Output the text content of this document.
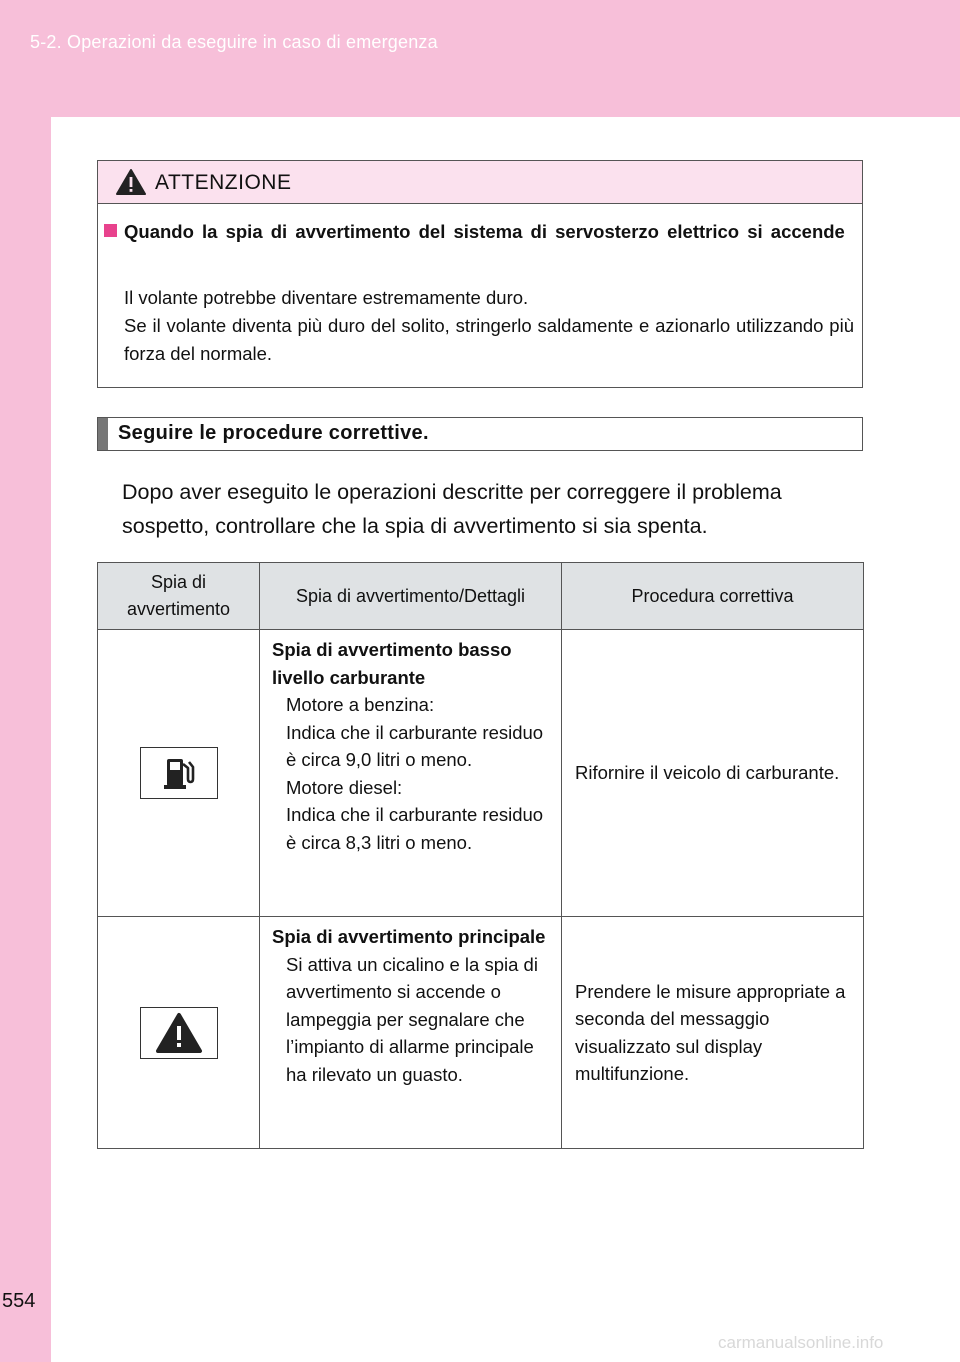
5-2. Operazioni da eseguire in caso di emergenza
554
ATTENZIONE
Quando la spia di avvertimento del sistema di servosterzo elettrico si accende
Il volante potrebbe diventare estremamente duro.
Se il volante diventa più duro del solito, stringerlo saldamente e azionarlo utilizzando più forza del normale.
Seguire le procedure correttive.
Dopo aver eseguito le operazioni descritte per correggere il problema sospetto, controllare che la spia di avvertimento si sia spenta.
Spia di avvertimento	Spia di avvertimento/Dettagli	Procedura correttiva

Spia di avvertimento basso livello carburante
Motore a benzina:
Indica che il carburante residuo è circa 9,0 litri o meno.
Motore diesel:
Indica che il carburante residuo è circa 8,3 litri o meno.	Rifornire il veicolo di carburante.

Spia di avvertimento principale
Si attiva un cicalino e la spia di avvertimento si accende o lampeggia per segnalare che l’impianto di allarme principale ha rilevato un guasto.	Prendere le misure appropriate a seconda del messaggio visualizzato sul display multifunzione.
carmanualsonline.info
